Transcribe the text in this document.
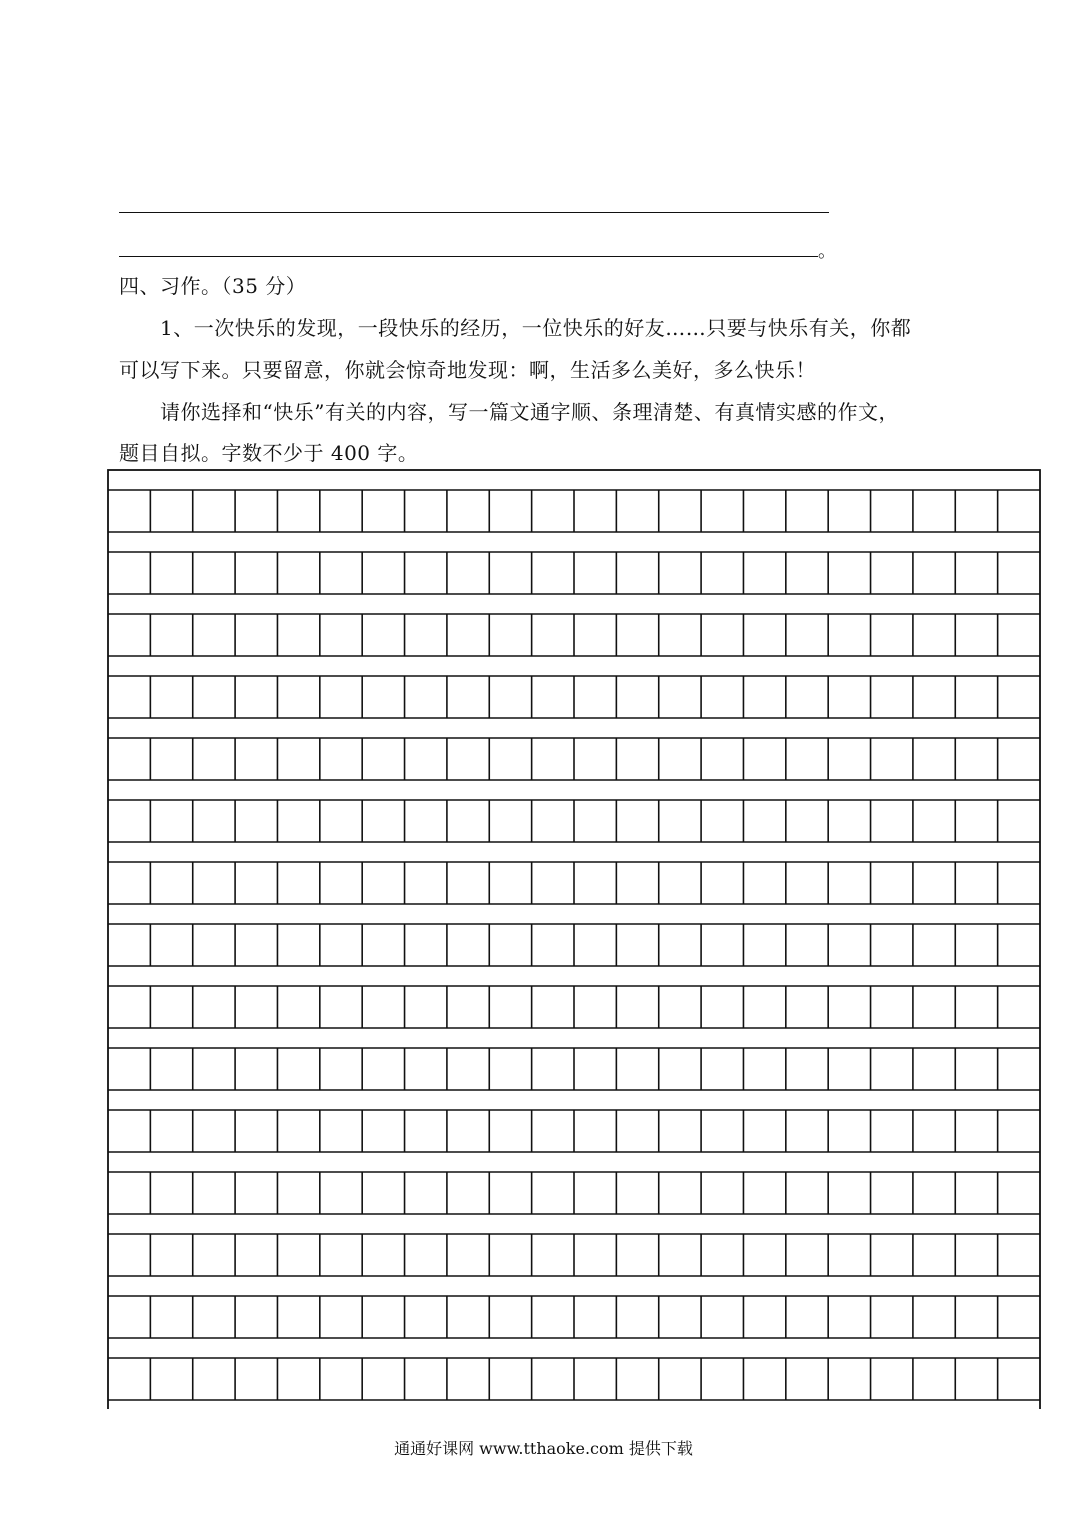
。
四、习作。（35 分）
1、一次快乐的发现，一段快乐的经历，一位快乐的好友……只要与快乐有关，你都
可以写下来。只要留意，你就会惊奇地发现：啊，生活多么美好，多么快乐！
请你选择和“快乐”有关的内容，写一篇文通字顺、条理清楚、有真情实感的作文，
题目自拟。字数不少于 400 字。
通通好课网 www.tthaoke.com 提供下载
